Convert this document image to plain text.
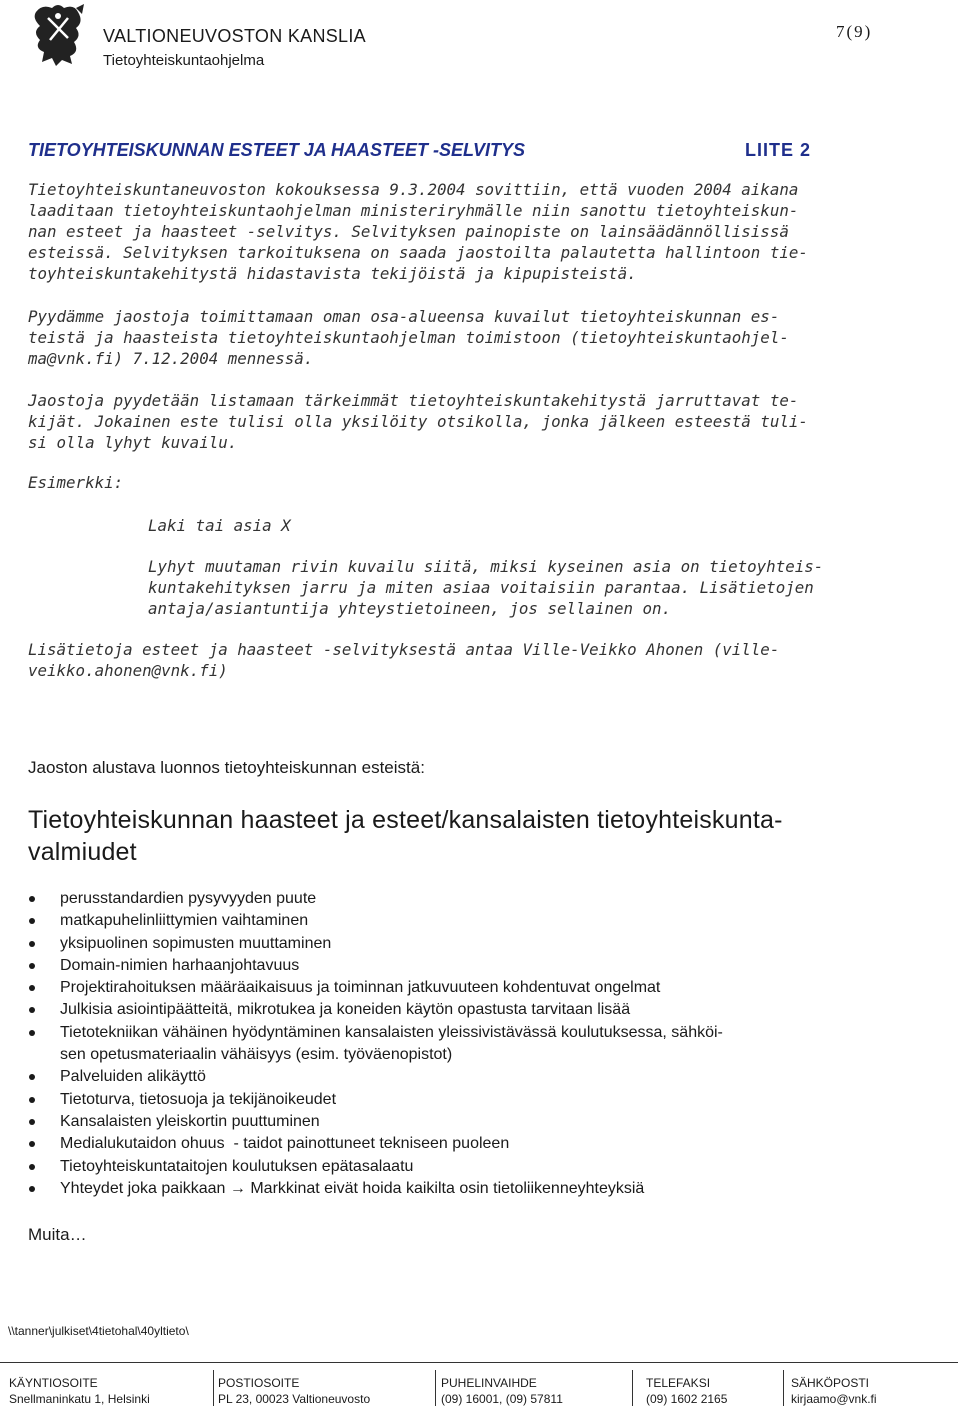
VALTIONEUVOSTON KANSLIA
Tietoyhteiskuntaohjelma
7(9)
TIETOYHTEISKUNNAN ESTEET JA HAASTEET -SELVITYS	LIITE 2
Tietoyhteiskuntaneuvoston kokouksessa 9.3.2004 sovittiin, että vuoden 2004 aikana
laaditaan tietoyhteiskuntaohjelman ministeriryhmälle niin sanottu tietoyhteiskun-
nan esteet ja haasteet -selvitys. Selvityksen painopiste on lainsäädännöllisissä
esteissä. Selvityksen tarkoituksena on saada jaostoilta palautetta hallintoon tie-
toyhteiskuntakehitystä hidastavista tekijöistä ja kipupisteistä.
Pyydämme jaostoja toimittamaan oman osa-alueensa kuvailut tietoyhteiskunnan es-
teistä ja haasteista tietoyhteiskuntaohjelman toimistoon (tietoyhteiskuntaohjel-
ma@vnk.fi) 7.12.2004 mennessä.
Jaostoja pyydetään listamaan tärkeimmät tietoyhteiskuntakehitystä jarruttavat te-
kijät. Jokainen este tulisi olla yksilöity otsikolla, jonka jälkeen esteestä tuli-
si olla lyhyt kuvailu.
Esimerkki:
Laki tai asia X
Lyhyt muutaman rivin kuvailu siitä, miksi kyseinen asia on tietoyhteis-
kuntakehityksen jarru ja miten asiaa voitaisiin parantaa. Lisätietojen
antaja/asiantuntija yhteystietoineen, jos sellainen on.
Lisätietoja esteet ja haasteet -selvityksestä antaa Ville-Veikko Ahonen (ville-
veikko.ahonen@vnk.fi)
Jaoston alustava luonnos tietoyhteiskunnan esteistä:
Tietoyhteiskunnan haasteet ja esteet/kansalaisten tietoyhteiskunta-
valmiudet
perusstandardien pysyvyyden puute
matkapuhelinliittymien vaihtaminen
yksipuolinen sopimusten muuttaminen
Domain-nimien harhaanjohtavuus
Projektirahoituksen määräaikaisuus ja toiminnan jatkuvuuteen kohdentuvat ongelmat
Julkisia asiointipäätteitä, mikrotukea ja koneiden käytön opastusta tarvitaan lisää
Tietotekniikan vähäinen hyödyntäminen kansalaisten yleissivistävässä koulutuksessa, sähköi-
sen opetusmateriaalin vähäisyys (esim. työväenopistot)
Palveluiden alikäyttö
Tietoturva, tietosuoja ja tekijänoikeudet
Kansalaisten yleiskortin puuttuminen
Medialukutaidon ohuus  - taidot painottuneet tekniseen puoleen
Tietoyhteiskuntataitojen koulutuksen epätasalaatu
Yhteydet joka paikkaan → Markkinat eivät hoida kaikilta osin tietoliikenneyhteyksiä
Muita…
\\tanner\julkiset\4tietohal\40yltieto\
KÄYNTIOSOITE
Snellmaninkatu 1, Helsinki
POSTIOSOITE
PL 23, 00023 Valtioneuvosto
PUHELINVAIHDE
(09) 16001, (09) 57811
TELEFAKSI
(09) 1602 2165
SÄHKÖPOSTI
kirjaamo@vnk.fi
